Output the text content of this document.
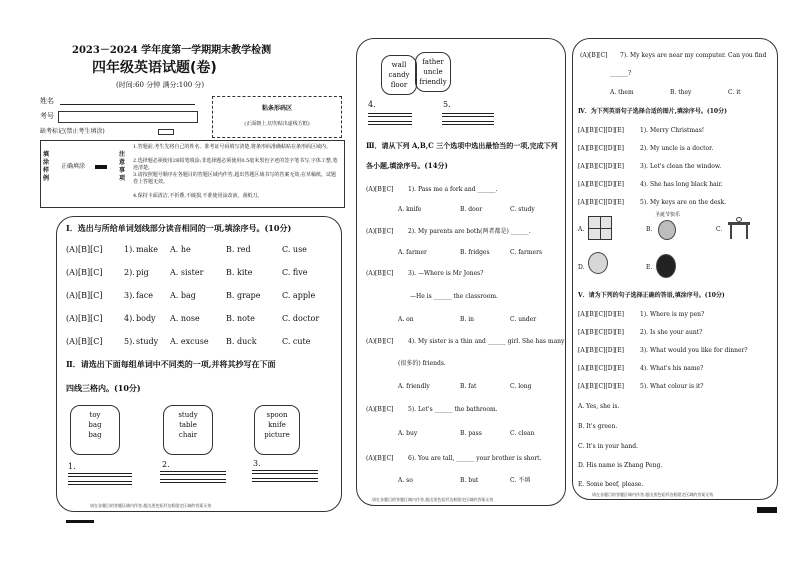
2023－2024 学年度第一学期期末教学检测
四年级英语试题(卷)
(时间:60 分钟 满分:100 分)
姓名
考号
粘条形码区
(正面朝上,切勿贴出虚线方框)
缺考标记(禁止考生填涂)
填涂样例
正确填涂
注意事项
1.答题前,考生先将自己的姓名、准考证号码填写清楚,将条形码准确粘贴在条形码区域内。
2.选择题必须使用2B铅笔填涂;非选择题必须使用0.5毫米黑色字迹的签字笔书写,字体工整,笔迹清楚。
3.请按照题号顺序在各题目的答题区域内作答,超出答题区域书写的答案无效;在草稿纸、试题卷上答题无效。
4.保持卡面清洁,不折叠,不破损,不准使用涂改液、刮纸刀。
Ⅰ．选出与所给单词划线部分读音相同的一项,填涂序号。(10分)
(A)[B][C]	1). make A. he	B. red	C. use
(A)[B][C]	2). pig	A. sister	B. kite	C. five
(A)[B][C]	3). face A. bag	B. grape	C. apple
(A)[B][C]	4). body A. nose	B. note	C. doctor
(A)[B][C]	5). study A. excuse B. duck	C. cute
Ⅱ．请选出下面每组单词中不同类的一项,并将其抄写在下面
四线三格内。(10分)
toy
bag
bag
study
table
chair
spoon
knife
picture
1.	2.	3.
请在各题目的答题区域内作答,超出黑色矩形边框限定区域的答案无效
wall
candy
floor
father
uncle
friendly
4.	5.
Ⅲ．请从下列 A,B,C 三个选项中选出最恰当的一项,完成下列
各小题,填涂序号。(14分)
(A)[B][C] 1). Pass me a fork and ______.
A. knife	B. door	C. study
(A)[B][C] 2). My parents are both(两者都是) ______.
A. farmer	B. fridges	C. farmers
(A)[B][C] 3). —Where is Mr Jones?
—He is ______ the classroom.
A. on	B. in	C. under
(A)[B][C] 4). My sister is a thin and ______ girl. She has many
(很多的) friends.
A. friendly	B. fat	C. long
(A)[B][C] 5). Let's ______ the bathroom.
A. buy	B. pass	C. clean
(A)[B][C] 6). You are tall, ______ your brother is short.
A. so	B. but	C. 不填
请在各题目的答题区域内作答,超出黑色矩形边框限定区域的答案无效
(A)[B][C] 7). My keys are near my computer. Can you find
______?
A. them	B. they	C. it
Ⅳ．为下列英语句子选择合适的图片,填涂序号。(10分)
[A][B][C][D][E]	1). Merry Christmas!
[A][B][C][D][E]	2). My uncle is a doctor.
[A][B][C][D][E]	3). Let's clean the window.
[A][B][C][D][E]	4). She has long black hair.
[A][B][C][D][E]	5). My keys are on the desk.
A.	B.
圣诞节快乐
C.
D.	E.
Ⅴ．请为下列的句子选择正确的答语,填涂序号。(10分)
[A][B][C][D][E]	1). Where is my pen?
[A][B][C][D][E]	2). Is she your aunt?
[A][B][C][D][E]	3). What would you like for dinner?
[A][B][C][D][E]	4). What's his name?
[A][B][C][D][E]	5). What colour is it?
A. Yes, she is.
B. It's green.
C. It's in your hand.
D. His name is Zhang Peng.
E. Some beef, please.
请在各题目的答题区域内作答,超出黑色矩形边框限定区域的答案无效
